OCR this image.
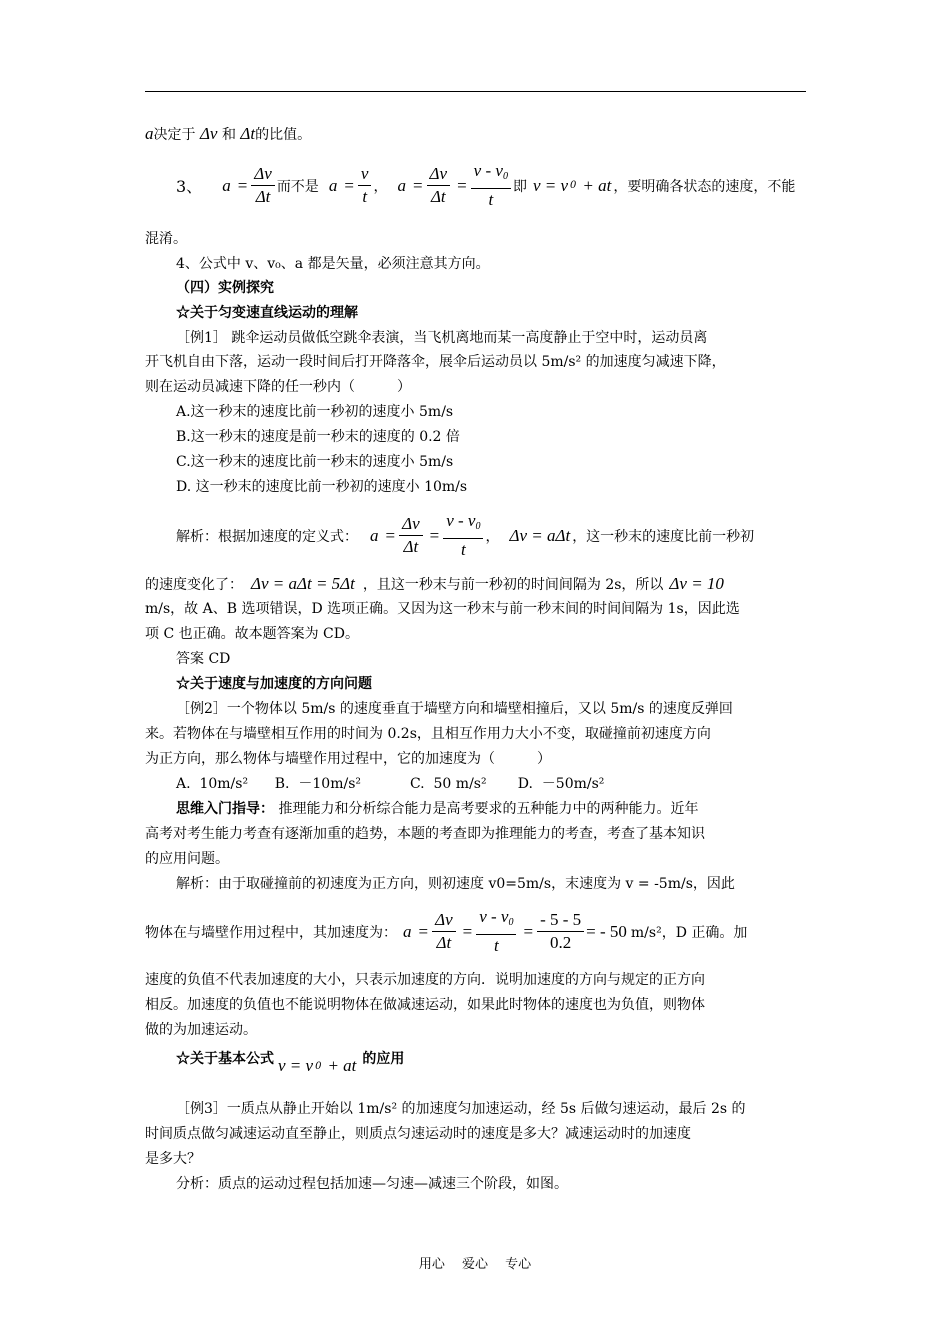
a决定于 Δv 和 Δt的比值。
3、 $a = \frac{\Delta v}{\Delta t}$ 而不是 $a = \frac{v}{t}$ ， $a = \frac{\Delta v}{\Delta t} = \frac{v - v_0}{t}$ 即 v = v 0 + at ，要明确各状态的速度，不能
混淆。
4、公式中 v、v₀、a 都是矢量，必须注意其方向。
（四）实例探究
☆关于匀变速直线运动的理解
［例1］ 跳伞运动员做低空跳伞表演，当飞机离地而某一高度静止于空中时，运动员离
开飞机自由下落，运动一段时间后打开降落伞，展伞后运动员以 5m/s² 的加速度匀减速下降，
则在运动员减速下降的任一秒内（　　　）
A.这一秒末的速度比前一秒初的速度小 5m/s
B.这一秒末的速度是前一秒末的速度的 0.2 倍
C.这一秒末的速度比前一秒末的速度小 5m/s
D. 这一秒末的速度比前一秒初的速度小 10m/s
解析：根据加速度的定义式： $a = \frac{\Delta v}{\Delta t} = \frac{v - v_0}{t}$ ， Δv = aΔt ，这一秒末的速度比前一秒初
的速度变化了： Δv = aΔt = 5Δt ，且这一秒末与前一秒初的时间间隔为 2s，所以 Δv = 10
m/s，故 A、B 选项错误，D 选项正确。又因为这一秒末与前一秒末间的时间间隔为 1s，因此选
项 C 也正确。故本题答案为 CD。
答案 CD
☆关于速度与加速度的方向问题
［例2］一个物体以 5m/s 的速度垂直于墙壁方向和墙壁相撞后，又以 5m/s 的速度反弹回
来。若物体在与墙壁相互作用的时间为 0.2s，且相互作用力大小不变，取碰撞前初速度方向
为正方向，那么物体与墙壁作用过程中，它的加速度为（　　　）
A.  10m/s²      B.  －10m/s²           C.  50 m/s²       D.  －50m/s²
思维入门指导： 推理能力和分析综合能力是高考要求的五种能力中的两种能力。近年
高考对考生能力考查有逐渐加重的趋势，本题的考查即为推理能力的考查，考查了基本知识
的应用问题。
解析：由于取碰撞前的初速度为正方向，则初速度 v0=5m/s，末速度为 v = -5m/s，因此
物体在与墙壁作用过程中，其加速度为： $a = \frac{\Delta v}{\Delta t} = \frac{v - v_0}{t} = \frac{- 5 - 5}{0.2}$ = - 50 m/s²，D 正确。加
速度的负值不代表加速度的大小，只表示加速度的方向．说明加速度的方向与规定的正方向
相反。加速度的负值也不能说明物体在做减速运动，如果此时物体的速度也为负值，则物体
做的为加速运动。
☆关于基本公式 v = v 0 + at 的应用
［例3］一质点从静止开始以 1m/s² 的加速度匀加速运动，经 5s 后做匀速运动，最后 2s 的
时间质点做匀减速运动直至静止，则质点匀速运动时的速度是多大？减速运动时的加速度
是多大？
分析：质点的运动过程包括加速—匀速—减速三个阶段，如图。
用心　 爱心　 专心
